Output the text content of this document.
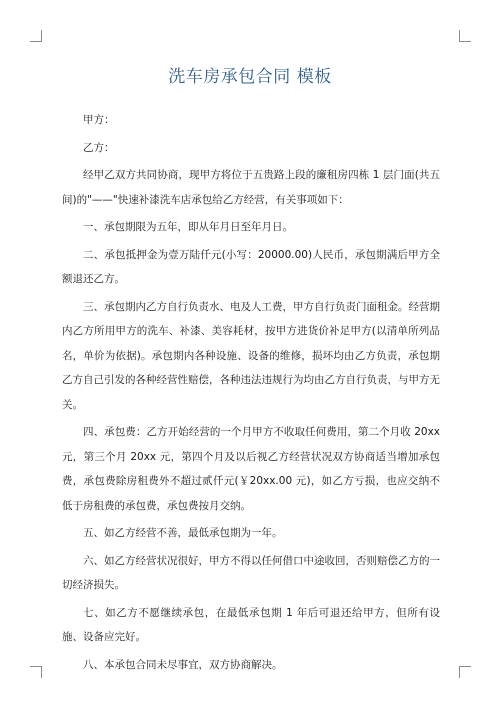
洗车房承包合同 模板

甲方：

乙方：

经甲乙双方共同协商，现甲方将位于五贵路上段的廉租房四栋 1 层门面(共五间)的"——"快速补漆洗车店承包给乙方经营，有关事项如下：

一、承包期限为五年，即从年月日至年月日。

二、承包抵押金为壹万陆仟元(小写：20000.00)人民币，承包期满后甲方全额退还乙方。

三、承包期内乙方自行负责水、电及人工费，甲方自行负责门面租金。经营期内乙方所用甲方的洗车、补漆、美容耗材，按甲方进货价补足甲方(以清单所列品名，单价为依据)。承包期内各种设施、设备的维修，损坏均由乙方负责，承包期乙方自己引发的各种经营性赔偿，各种违法违规行为均由乙方自行负责，与甲方无关。

四、承包费：乙方开始经营的一个月甲方不收取任何费用，第二个月收 20xx 元，第三个月 20xx 元，第四个月及以后视乙方经营状况双方协商适当增加承包费，承包费除房租费外不超过贰仟元(￥20xx.00 元)，如乙方亏损，也应交纳不低于房租费的承包费，承包费按月交纳。

五、如乙方经营不善，最低承包期为一年。

六、如乙方经营状况很好，甲方不得以任何借口中途收回，否则赔偿乙方的一切经济损失。

七、如乙方不愿继续承包，在最低承包期 1 年后可退还给甲方，但所有设施、设备应完好。

八、本承包合同未尽事宜，双方协商解决。
